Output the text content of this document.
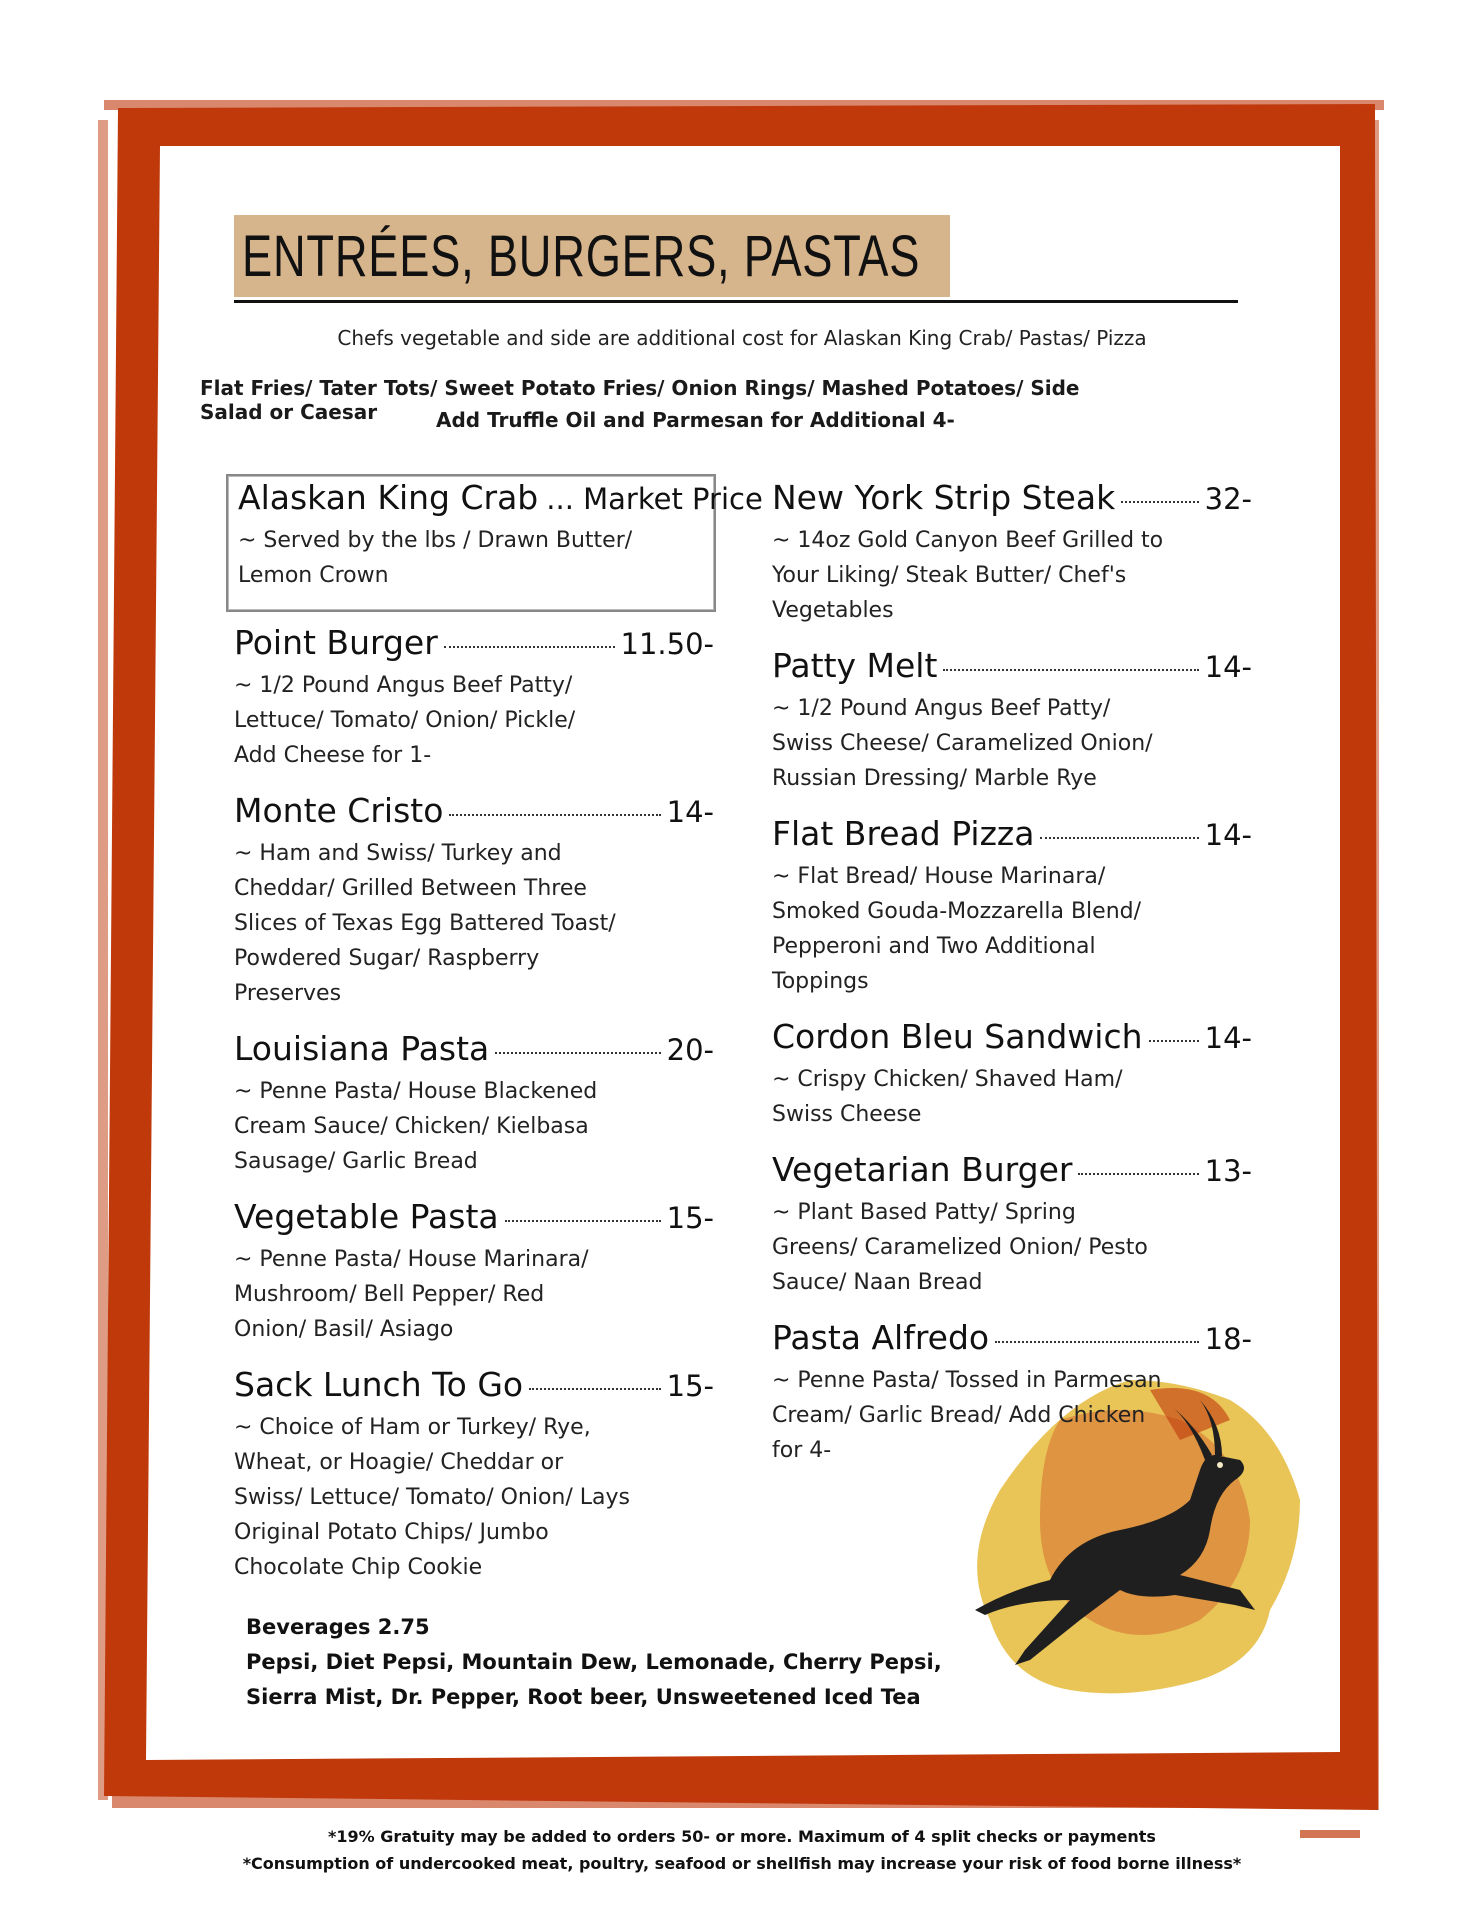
ENTRÉES, BURGERS, PASTAS
Chefs vegetable and side are additional cost for Alaskan King Crab/ Pastas/ Pizza
Flat Fries/ Tater Tots/ Sweet Potato Fries/ Onion Rings/ Mashed Potatoes/ Side Salad or Caesar	Add Truffle Oil and Parmesan for Additional 4-
Alaskan King Crab ... Market Price
~ Served by the lbs / Drawn Butter/ Lemon Crown
Point Burger	11.50-
~ 1/2 Pound Angus Beef Patty/ Lettuce/ Tomato/ Onion/ Pickle/ Add Cheese for 1-
Monte Cristo	14-
~ Ham and Swiss/ Turkey and Cheddar/ Grilled Between Three Slices of Texas Egg Battered Toast/ Powdered Sugar/ Raspberry Preserves
Louisiana Pasta	20-
~ Penne Pasta/ House Blackened Cream Sauce/ Chicken/ Kielbasa Sausage/ Garlic Bread
Vegetable Pasta	15-
~ Penne Pasta/ House Marinara/ Mushroom/ Bell Pepper/ Red Onion/ Basil/ Asiago
Sack Lunch To Go	15-
~ Choice of Ham or Turkey/ Rye, Wheat, or Hoagie/ Cheddar or Swiss/ Lettuce/ Tomato/ Onion/ Lays Original Potato Chips/ Jumbo Chocolate Chip Cookie
New York Strip Steak	32-
~ 14oz Gold Canyon Beef Grilled to Your Liking/ Steak Butter/ Chef's Vegetables
Patty Melt	14-
~ 1/2 Pound Angus Beef Patty/ Swiss Cheese/ Caramelized Onion/ Russian Dressing/ Marble Rye
Flat Bread Pizza	14-
~ Flat Bread/ House Marinara/ Smoked Gouda-Mozzarella Blend/ Pepperoni and Two Additional Toppings
Cordon Bleu Sandwich 14-
~ Crispy Chicken/ Shaved Ham/ Swiss Cheese
Vegetarian Burger	13-
~ Plant Based Patty/ Spring Greens/ Caramelized Onion/ Pesto Sauce/ Naan Bread
Pasta Alfredo	18-
~ Penne Pasta/ Tossed in Parmesan Cream/ Garlic Bread/ Add Chicken for 4-
Beverages 2.75
Pepsi, Diet Pepsi, Mountain Dew, Lemonade, Cherry Pepsi,
Sierra Mist, Dr. Pepper, Root beer, Unsweetened Iced Tea
*19% Gratuity may be added to orders 50- or more. Maximum of 4 split checks or payments
*Consumption of undercooked meat, poultry, seafood or shellfish may increase your risk of food borne illness*
